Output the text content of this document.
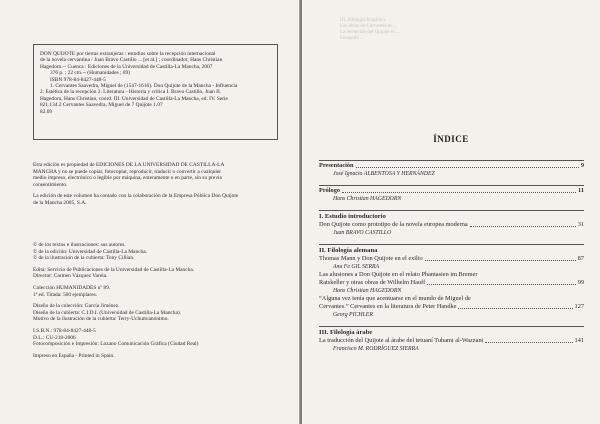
DON QUIJOTE por tierras extranjeras : estudios sobre la recepción internacional

de la novela cervantina / Juan Bravo Castillo ... [et al.] ; coordinador, Hans Christian

Hagedorn.-- Cuenca : Ediciones de la Universidad de Castilla-La Mancha, 2007

376 p. ; 22 cm.-- (Humanidades ; 89)

ISBN 978-84-8427-448-5

1. Cervantes Saavedra, Miguel de (1547-1616). Don Quijote de la Mancha - Influencia

2. Estética de la recepción 3. Literatura - Historia y crítica I. Bravo Castillo, Juan II.

Hagedorn, Hans Christian, coord. III. Universidad de Castilla-La Mancha, ed. IV. Serie

821.134.2 Cervantes Saavedra, Miguel de 7 Quijote 1.07

82.09

Esta edición es propiedad de EDICIONES DE LA UNIVERSIDAD DE CASTILLA-LA

MANCHA y no se puede copiar, fotocopiar, reproducir, traducir o convertir a cualquier

medio impreso, electrónico o legible por máquina, enteramente o en parte, sin su previo

consentimiento.

La edición de este volumen ha contado con la colaboración de la Empresa Pública Don Quijote

de la Mancha 2005, S.A.

© de los textos e ilustraciones: sus autores.

© de la edición: Universidad de Castilla-La Mancha.

© de la ilustración de la cubierta: Tony Cillian.

Edita: Servicio de Publicaciones de la Universidad de Castilla-La Mancha.

Director: Carmen Vázquez Varela.

Colección HUMANIDADES nº 89.

1ª ed. Tirada: 500 ejemplares.

Diseño de la colección: García Jiménez.

Diseño de la cubierta: C.I.D.I. (Universidad de Castilla-La Mancha).

Motivo de la ilustración de la cubierta: Terry-Uchum/anónimo.

I.S.B.N.: 978-84-8427-448-5

D.L.: CU-218-2006

Fotocomposición e Impresión: Lozano Comunicación Gráfica (Ciudad Real)

Impreso en España - Printed in Spain.

III. Filología hispánica

Las obras de Cervantes en ...

La recepción del Quijote en ...

Fernando ...

ÍNDICE
Presentación	9
José Ignacio ALBENTOSA Y HERNÁNDEZ
Prólogo	11
Hans Christian HAGEDORN
I. Estudio introductorio
Don Quijote como prototipo de la novela europea moderna	31
Juan BRAVO CASTILLO
II. Filología alemana
Thomas Mann y Don Quijote en el exilio	87
Ana Fe GIL SERRA
Las alusiones a Don Quijote en el relato Phantasien im Bremer
Ratskeller y otras obras de Wilhelm Hauff	99
Hans Christian HAGEDORN
“Alguna vez tenía que acentuarse en el mundo de Miguel de
Cervantes.” Cervantes en la literatura de Peter Handke	127
Georg PICHLER
III. Filología árabe
La traducción del Quijote al árabe del tetuaní Tuhami al-Wazzani	141
Francisco M. RODRÍGUEZ SIERRA
